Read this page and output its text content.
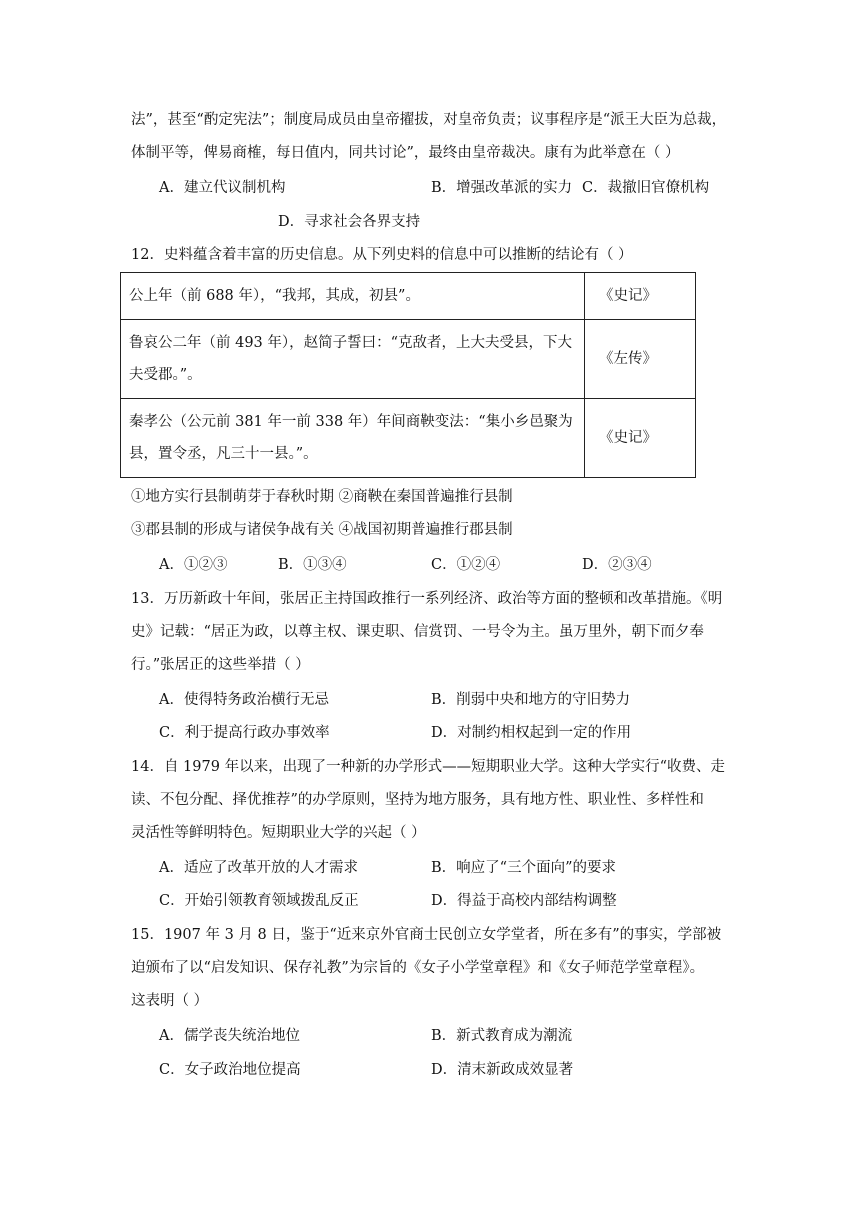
法”，甚至“酌定宪法”；制度局成员由皇帝擢拔，对皇帝负责；议事程序是“派王大臣为总裁，
体制平等，俾易商榷，每日值内，同共讨论”，最终由皇帝裁决。康有为此举意在（ ）
A．建立代议制机构	B．增强改革派的实力 C．裁撤旧官僚机构
D．寻求社会各界支持
12．史料蕴含着丰富的历史信息。从下列史料的信息中可以推断的结论有（ ）
公上年（前 688 年），“我邦，其成，初县”。	《史记》

鲁哀公二年（前 493 年），赵简子誓曰：“克敌者，上大夫受县，下大
夫受郡。”。	《左传》

秦孝公（公元前 381 年一前 338 年）年间商鞅变法：“集小乡邑聚为
县，置令丞，凡三十一县。”。	《史记》
①地方实行县制萌芽于春秋时期 ②商鞅在秦国普遍推行县制
③郡县制的形成与诸侯争战有关 ④战国初期普遍推行郡县制
A．①②③	B．①③④	C．①②④	D．②③④
13．万历新政十年间，张居正主持国政推行一系列经济、政治等方面的整顿和改革措施。《明
史》记载：“居正为政，以尊主权、课吏职、信赏罚、一号令为主。虽万里外，朝下而夕奉
行。”张居正的这些举措（ ）
A．使得特务政治横行无忌	B．削弱中央和地方的守旧势力
C．利于提高行政办事效率	D．对制约相权起到一定的作用
14．自 1979 年以来，出现了一种新的办学形式——短期职业大学。这种大学实行“收费、走
读、不包分配、择优推荐”的办学原则，坚持为地方服务，具有地方性、职业性、多样性和
灵活性等鲜明特色。短期职业大学的兴起（ ）
A．适应了改革开放的人才需求	B．响应了“三个面向”的要求
C．开始引领教育领域拨乱反正	D．得益于高校内部结构调整
15．1907 年 3 月 8 日，鉴于“近来京外官商士民创立女学堂者，所在多有”的事实，学部被
迫颁布了以“启发知识、保存礼教”为宗旨的《女子小学堂章程》和《女子师范学堂章程》。
这表明（ ）
A．儒学丧失统治地位	B．新式教育成为潮流
C．女子政治地位提高	D．清末新政成效显著
